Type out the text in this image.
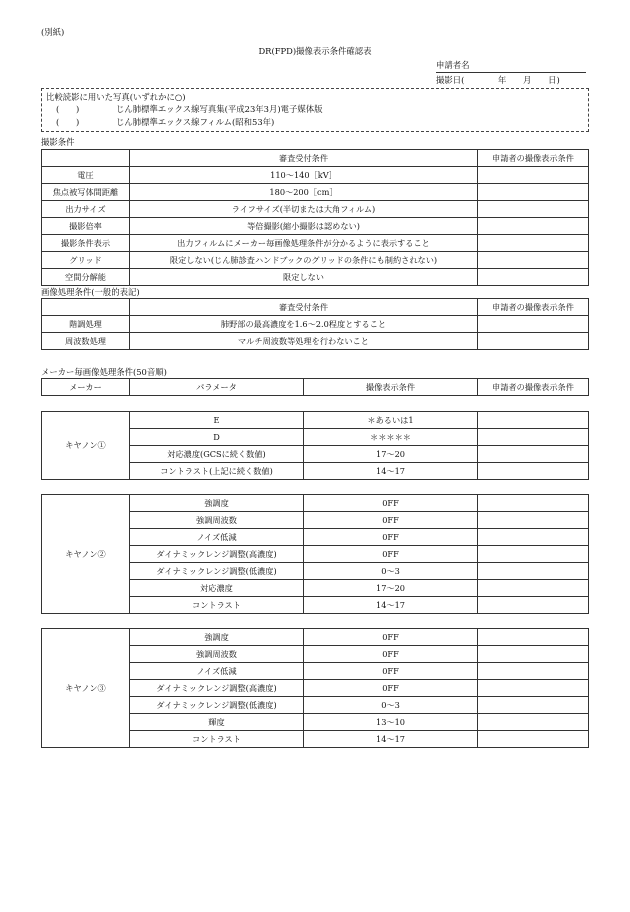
(別紙)
DR(FPD)撮像表示条件確認表
申請者名
撮影日(　　　　年　　月　　日)
比較読影に用いた写真(いずれかに○)
(　　)	じん肺標準エックス線写真集(平成23年3月)電子媒体版
(　　)	じん肺標準エックス線フィルム(昭和53年)
撮影条件
	審査受付条件	申請者の撮像表示条件
電圧	110～140［kV］	
焦点被写体間距離	180～200［cm］	
出力サイズ	ライフサイズ(半切または大角フィルム)	
撮影倍率	等倍撮影(縮小撮影は認めない)	
撮影条件表示	出力フィルムにメーカー毎画像処理条件が分かるように表示すること	
グリッド	限定しない(じん肺診査ハンドブックのグリッドの条件にも制約されない)	
空間分解能	限定しない	
画像処理条件(一般的表記)
	審査受付条件	申請者の撮像表示条件
階調処理	肺野部の最高濃度を1.6～2.0程度とすること	
周波数処理	マルチ周波数等処理を行わないこと	
メーカー毎画像処理条件(50音順)
メーカー	パラメータ	撮像表示条件	申請者の撮像表示条件
キヤノン①	E	＊あるいは1	
	D	＊＊＊＊＊	
	対応濃度(GCSに続く数値)	17～20	
	コントラスト(上記に続く数値)	14～17	
キヤノン②	強調度	0FF	
	強調周波数	0FF	
	ノイズ低減	0FF	
	ダイナミックレンジ調整(高濃度)	0FF	
	ダイナミックレンジ調整(低濃度)	0～3	
	対応濃度	17～20	
	コントラスト	14～17	
キヤノン③	強調度	0FF	
	強調周波数	0FF	
	ノイズ低減	0FF	
	ダイナミックレンジ調整(高濃度)	0FF	
	ダイナミックレンジ調整(低濃度)	0～3	
	輝度	13～10	
	コントラスト	14～17	
